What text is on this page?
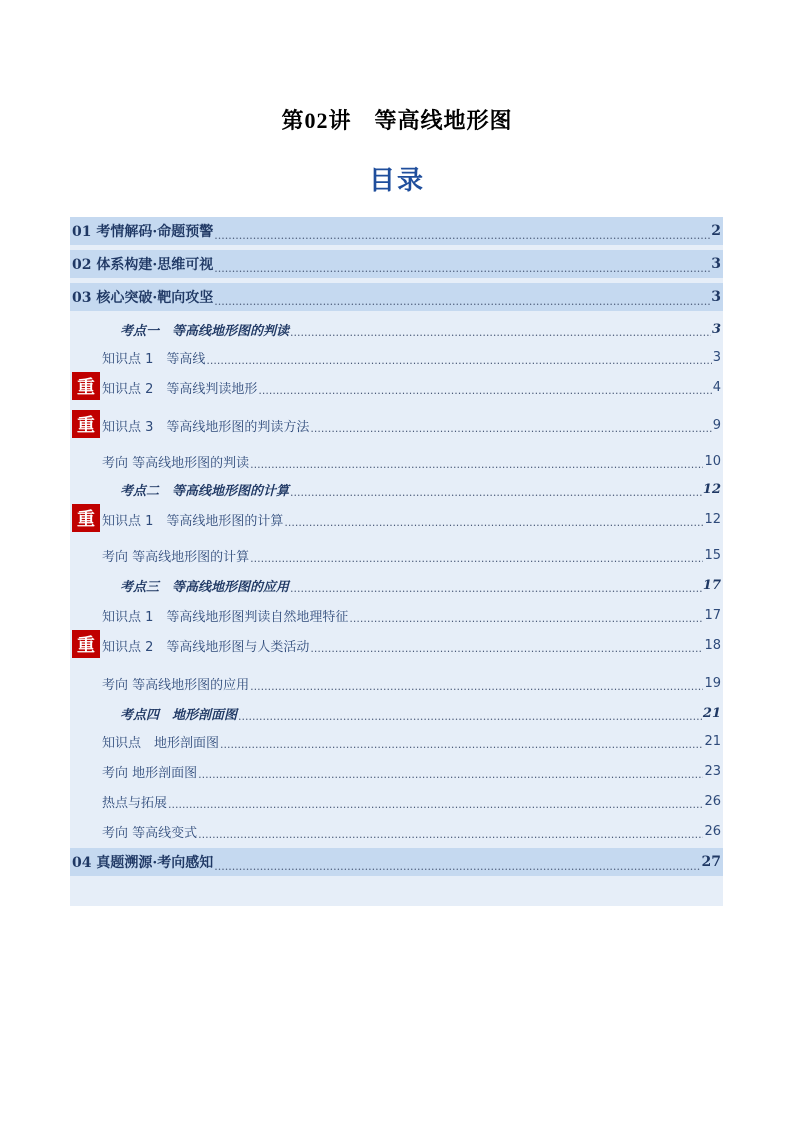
第02讲　等高线地形图
目录
01 考情解码·命题预警 .....	2
02 体系构建·思维可视 .....	3
03 核心突破·靶向攻坚 .....	3
考点一　等高线地形图的判读 .....	3
知识点 1　等高线 .....	3
重 知识点 2　等高线判读地形 .....	4
重 知识点 3　等高线地形图的判读方法 .....	9
考向 等高线地形图的判读 .....	10
考点二　等高线地形图的计算 .....	12
重 知识点 1　等高线地形图的计算 .....	12
考向 等高线地形图的计算 .....	15
考点三　等高线地形图的应用 .....	17
知识点 1　等高线地形图判读自然地理特征 .....	17
重 知识点 2　等高线地形图与人类活动 .....	18
考向 等高线地形图的应用 .....	19
考点四　地形剖面图 .....	21
知识点　地形剖面图 .....	21
考向 地形剖面图 .....	23
热点与拓展 .....	26
考向 等高线变式 .....	26
04 真题溯源·考向感知 .....	27
